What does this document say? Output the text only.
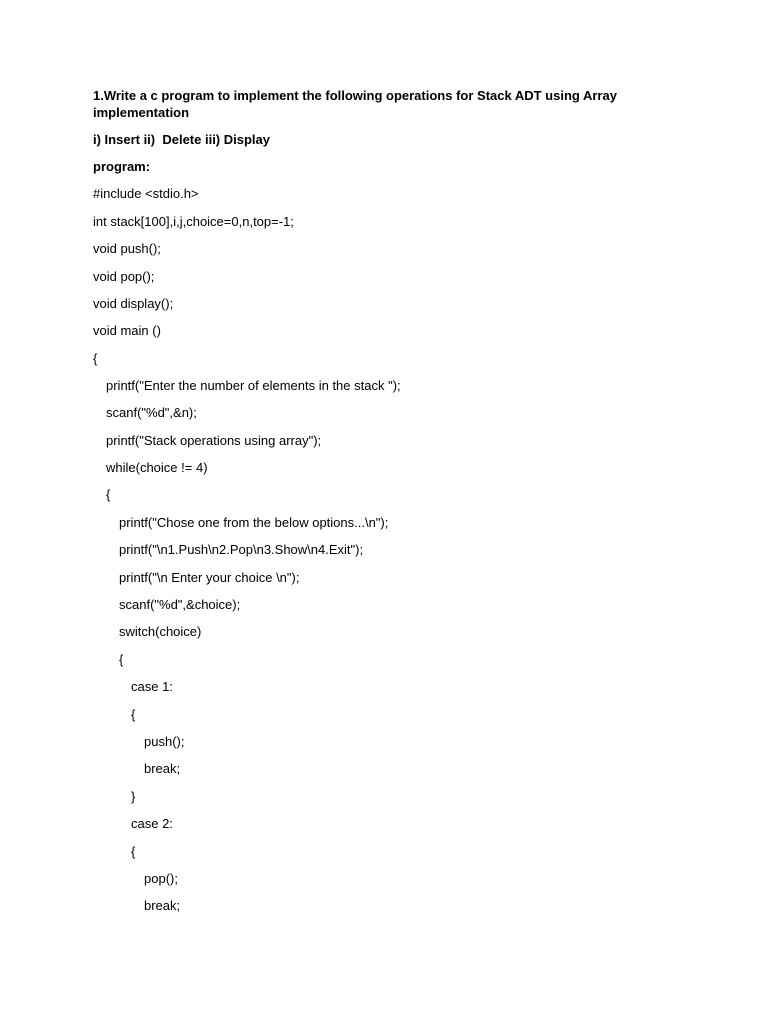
1.Write a c program to implement the following operations for Stack ADT using Array implementation
i) Insert ii)  Delete iii) Display
program:
#include <stdio.h>
int stack[100],i,j,choice=0,n,top=-1;
void push();
void pop();
void display();
void main ()
{
printf("Enter the number of elements in the stack ");
scanf("%d",&n);
printf("Stack operations using array");
while(choice != 4)
{
printf("Chose one from the below options...\n");
printf("\n1.Push\n2.Pop\n3.Show\n4.Exit");
printf("\n Enter your choice \n");
scanf("%d",&choice);
switch(choice)
{
case 1:
{
push();
break;
}
case 2:
{
pop();
break;
